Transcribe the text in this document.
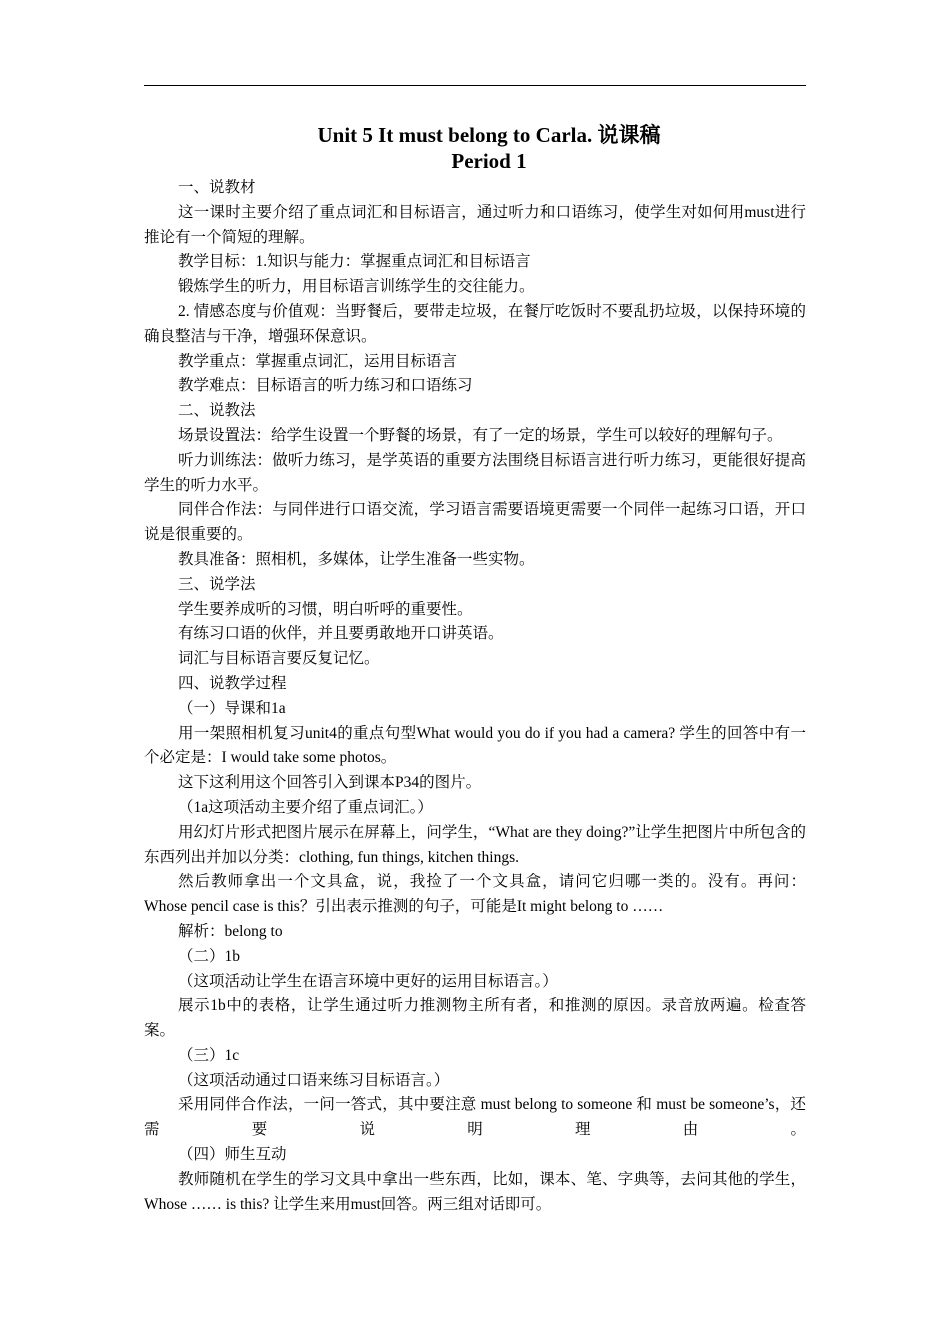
Unit 5 It must belong to Carla. 说课稿
Period 1

一、说教材

这一课时主要介绍了重点词汇和目标语言，通过听力和口语练习，使学生对如何用must进行推论有一个简短的理解。

教学目标：1.知识与能力：掌握重点词汇和目标语言

锻炼学生的听力，用目标语言训练学生的交往能力。

2. 情感态度与价值观：当野餐后，要带走垃圾，在餐厅吃饭时不要乱扔垃圾，以保持环境的确良整洁与干净，增强环保意识。

教学重点：掌握重点词汇，运用目标语言

教学难点：目标语言的听力练习和口语练习

二、说教法

场景设置法：给学生设置一个野餐的场景，有了一定的场景，学生可以较好的理解句子。

听力训练法：做听力练习，是学英语的重要方法围绕目标语言进行听力练习，更能很好提高学生的听力水平。

同伴合作法：与同伴进行口语交流，学习语言需要语境更需要一个同伴一起练习口语，开口说是很重要的。

教具准备：照相机，多媒体，让学生准备一些实物。

三、说学法

学生要养成听的习惯，明白听呼的重要性。

有练习口语的伙伴，并且要勇敢地开口讲英语。

词汇与目标语言要反复记忆。

四、说教学过程

（一）导课和1a

用一架照相机复习unit4的重点句型What would you do if you had a camera? 学生的回答中有一个必定是：I would take some photos。

这下这利用这个回答引入到课本P34的图片。

（1a这项活动主要介绍了重点词汇。）

用幻灯片形式把图片展示在屏幕上，问学生，“What are they doing?”让学生把图片中所包含的东西列出并加以分类：clothing, fun things, kitchen things.

然后教师拿出一个文具盒，说，我捡了一个文具盒，请问它归哪一类的。没有。再问：Whose pencil case is this？引出表示推测的句子，可能是It might belong to ……

解析：belong to

（二）1b

（这项活动让学生在语言环境中更好的运用目标语言。）

展示1b中的表格，让学生通过听力推测物主所有者，和推测的原因。录音放两遍。检查答案。

（三）1c

（这项活动通过口语来练习目标语言。）

采用同伴合作法，一问一答式，其中要注意 must belong to someone 和 must be someone’s，还需要说明理由。

（四）师生互动

教师随机在学生的学习文具中拿出一些东西，比如，课本、笔、字典等，去问其他的学生，Whose …… is this? 让学生来用must回答。两三组对话即可。
